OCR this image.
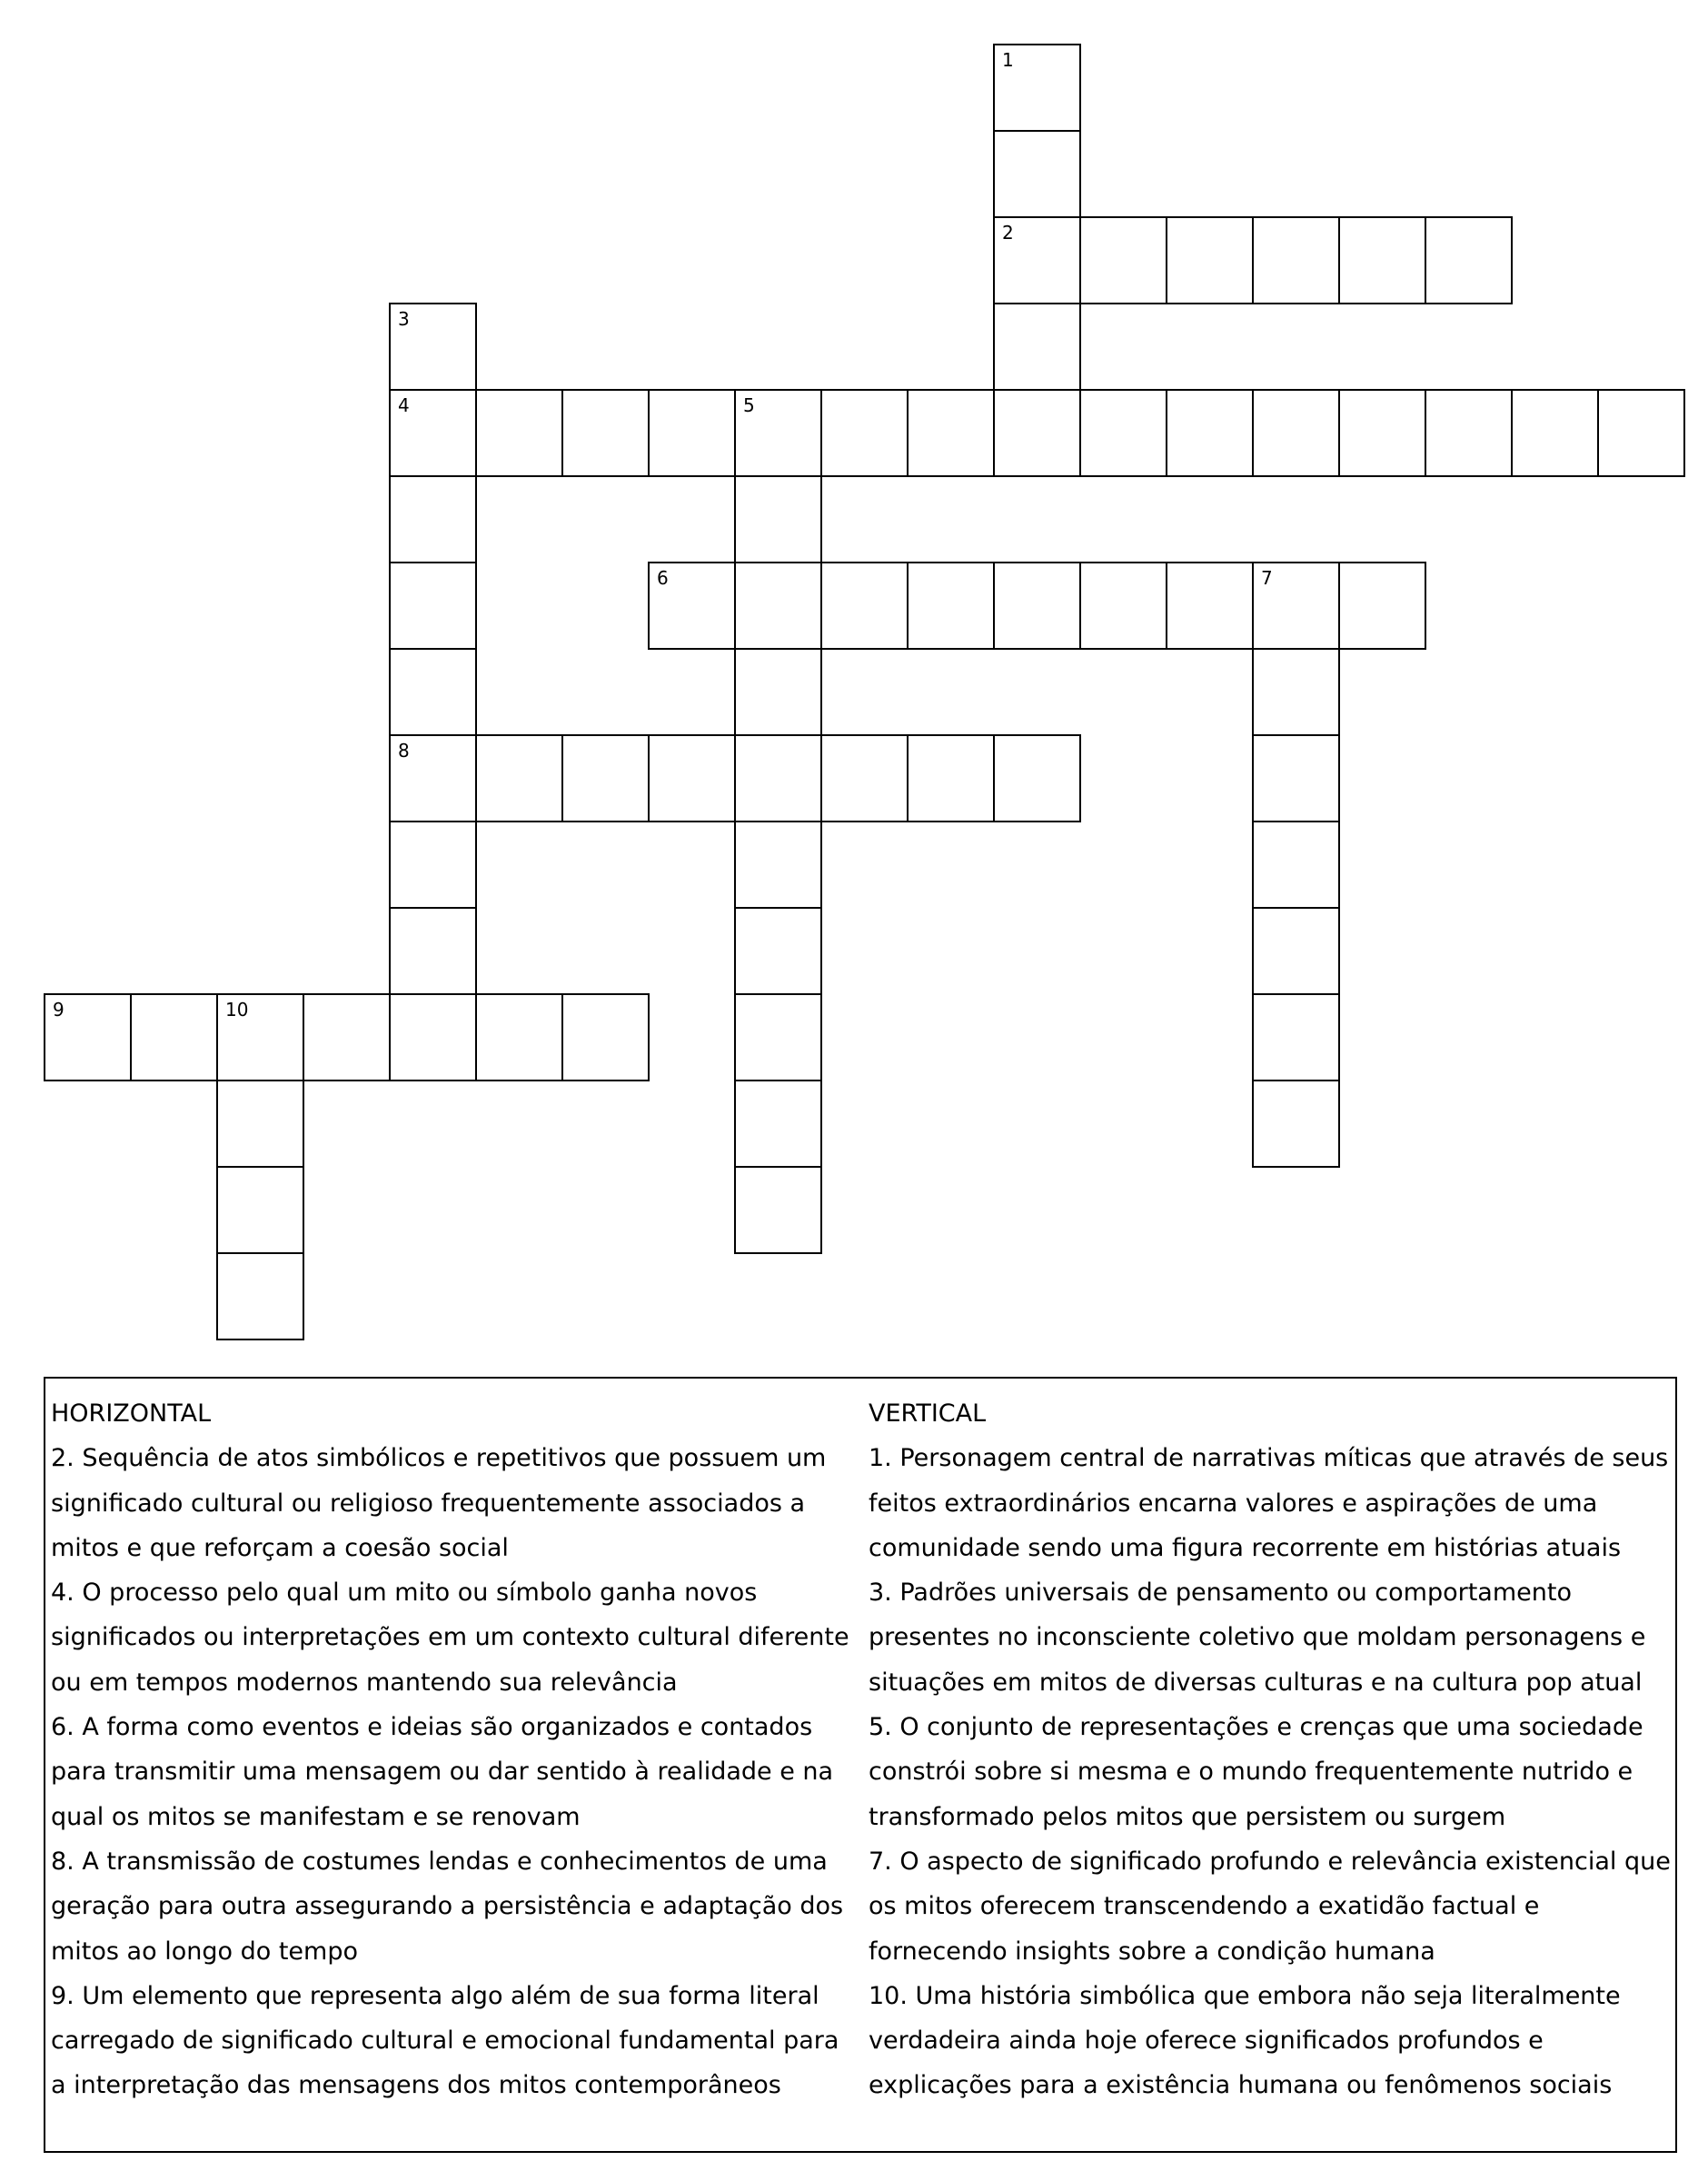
1
2
3
4
8
5
6	7
9	10

HORIZONTAL

2. Sequência de atos simbólicos e repetitivos que possuem um significado cultural ou religioso frequentemente associados a mitos e que reforçam a coesão social

4. O processo pelo qual um mito ou símbolo ganha novos significados ou interpretações em um contexto cultural diferente ou em tempos modernos mantendo sua relevância

6. A forma como eventos e ideias são organizados e contados para transmitir uma mensagem ou dar sentido à realidade e na qual os mitos se manifestam e se renovam

8. A transmissão de costumes lendas e conhecimentos de uma geração para outra assegurando a persistência e adaptação dos mitos ao longo do tempo

9. Um elemento que representa algo além de sua forma literal carregado de significado cultural e emocional fundamental para a interpretação das mensagens dos mitos contemporâneos

VERTICAL

1. Personagem central de narrativas míticas que através de seus feitos extraordinários encarna valores e aspirações de uma comunidade sendo uma figura recorrente em histórias atuais

3. Padrões universais de pensamento ou comportamento presentes no inconsciente coletivo que moldam personagens e situações em mitos de diversas culturas e na cultura pop atual

5. O conjunto de representações e crenças que uma sociedade constrói sobre si mesma e o mundo frequentemente nutrido e transformado pelos mitos que persistem ou surgem

7. O aspecto de significado profundo e relevância existencial que os mitos oferecem transcendendo a exatidão factual e fornecendo insights sobre a condição humana

10. Uma história simbólica que embora não seja literalmente verdadeira ainda hoje oferece significados profundos e explicações para a existência humana ou fenômenos sociais
